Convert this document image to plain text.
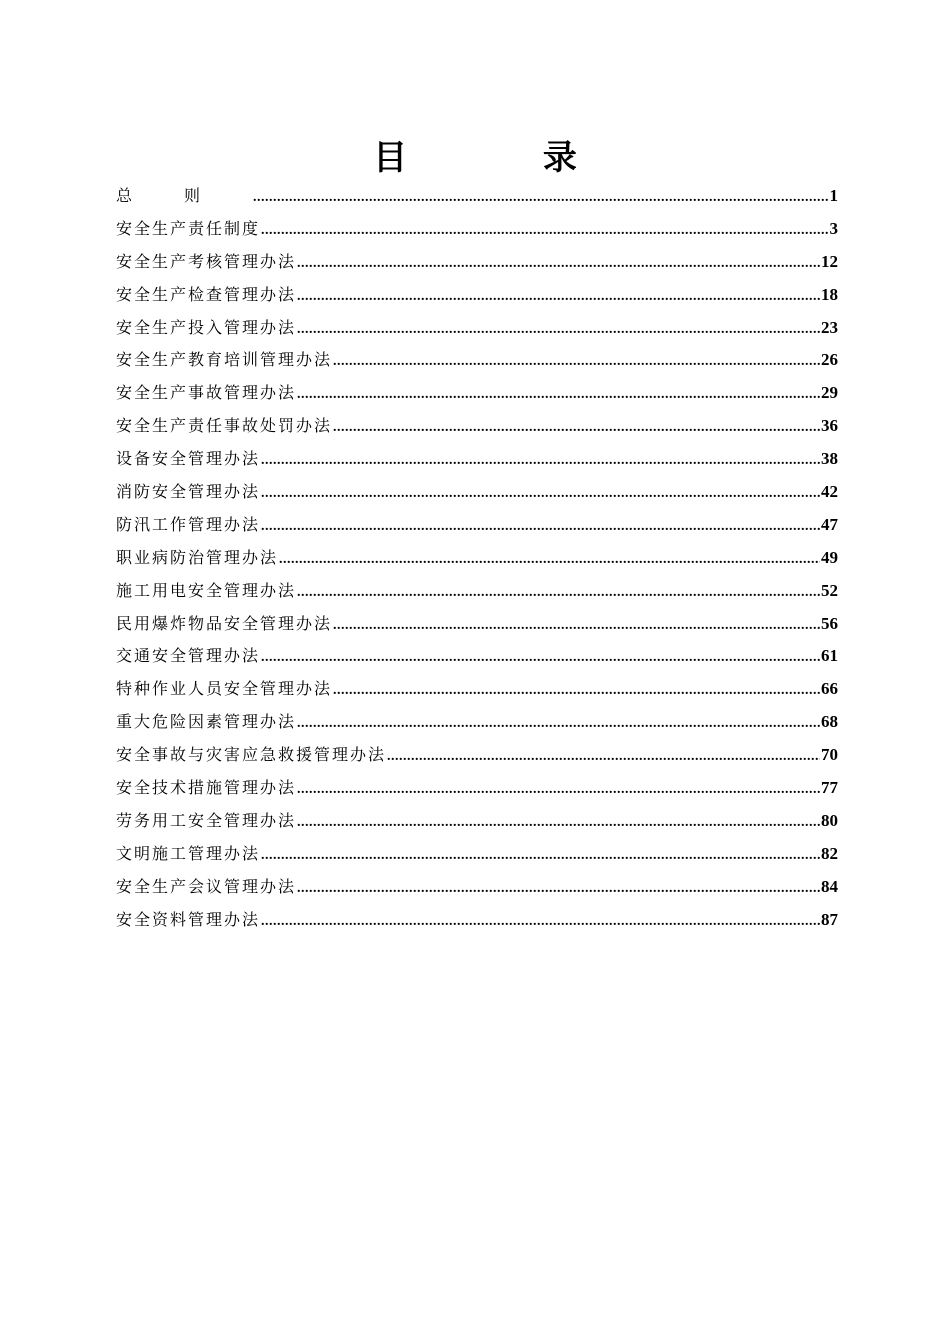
目 录
总则 .....	1
安全生产责任制度 .....	3
安全生产考核管理办法 .....	12
安全生产检查管理办法 .....	18
安全生产投入管理办法 .....	23
安全生产教育培训管理办法 .....	26
安全生产事故管理办法 .....	29
安全生产责任事故处罚办法 .....	36
设备安全管理办法 .....	38
消防安全管理办法 .....	42
防汛工作管理办法 .....	47
职业病防治管理办法 .....	49
施工用电安全管理办法 .....	52
民用爆炸物品安全管理办法 .....	56
交通安全管理办法 .....	61
特种作业人员安全管理办法 .....	66
重大危险因素管理办法 .....	68
安全事故与灾害应急救援管理办法 .....	70
安全技术措施管理办法 .....	77
劳务用工安全管理办法 .....	80
文明施工管理办法 .....	82
安全生产会议管理办法 .....	84
安全资料管理办法 .....	87
